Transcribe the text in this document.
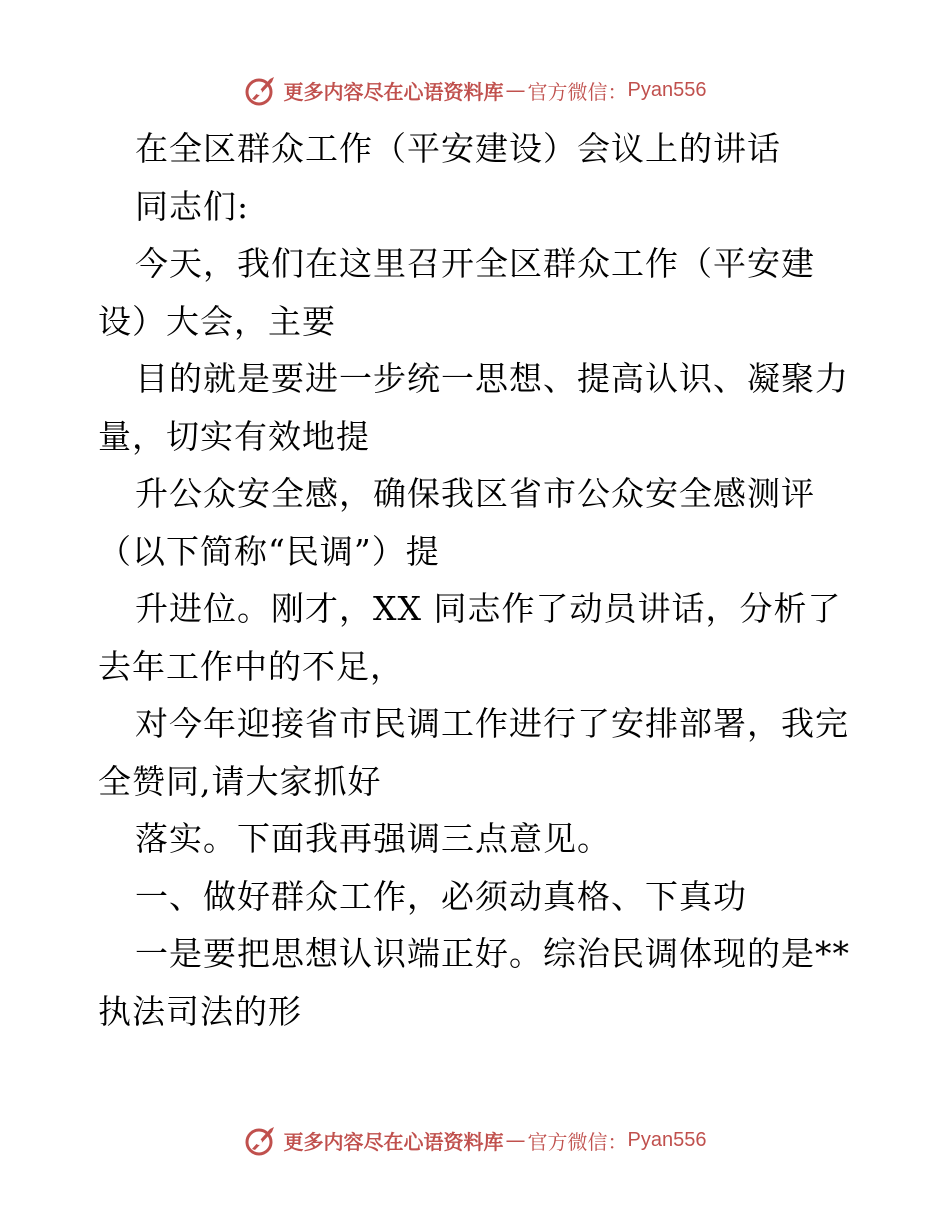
更多内容尽在心语资料库 — 官方微信： Pyan556
在全区群众工作（平安建设）会议上的讲话
同志们:
今天，我们在这里召开全区群众工作（平安建
设）大会，主要
目的就是要进一步统一思想、提高认识、凝聚力
量，切实有效地提
升公众安全感，确保我区省市公众安全感测评
（以下简称“民调”）提
升进位。刚才，XX 同志作了动员讲话，分析了
去年工作中的不足，
对今年迎接省市民调工作进行了安排部署，我完
全赞同,请大家抓好
落实。下面我再强调三点意见。
一、做好群众工作，必须动真格、下真功
一是要把思想认识端正好。综治民调体现的是**
执法司法的形
更多内容尽在心语资料库 — 官方微信： Pyan556
